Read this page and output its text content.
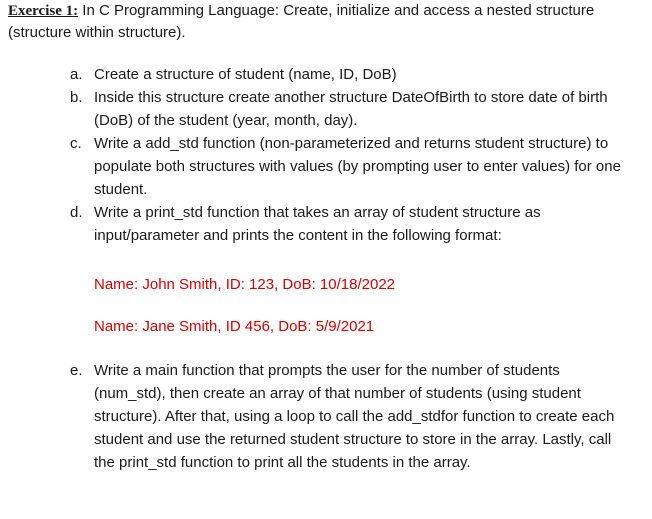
Exercise 1: In C Programming Language: Create, initialize and access a nested structure (structure within structure).

a. Create a structure of student (name, ID, DoB)
b. Inside this structure create another structure DateOfBirth to store date of birth (DoB) of the student (year, month, day).
c. Write a add_std function (non-parameterized and returns student structure) to populate both structures with values (by prompting user to enter values) for one student.
d. Write a print_std function that takes an array of student structure as input/parameter and prints the content in the following format:
Name: John Smith, ID: 123, DoB: 10/18/2022
Name: Jane Smith, ID 456, DoB: 5/9/2021
e. Write a main function that prompts the user for the number of students (num_std), then create an array of that number of students (using student structure). After that, using a loop to call the add_stdfor function to create each student and use the returned student structure to store in the array. Lastly, call the print_std function to print all the students in the array.
